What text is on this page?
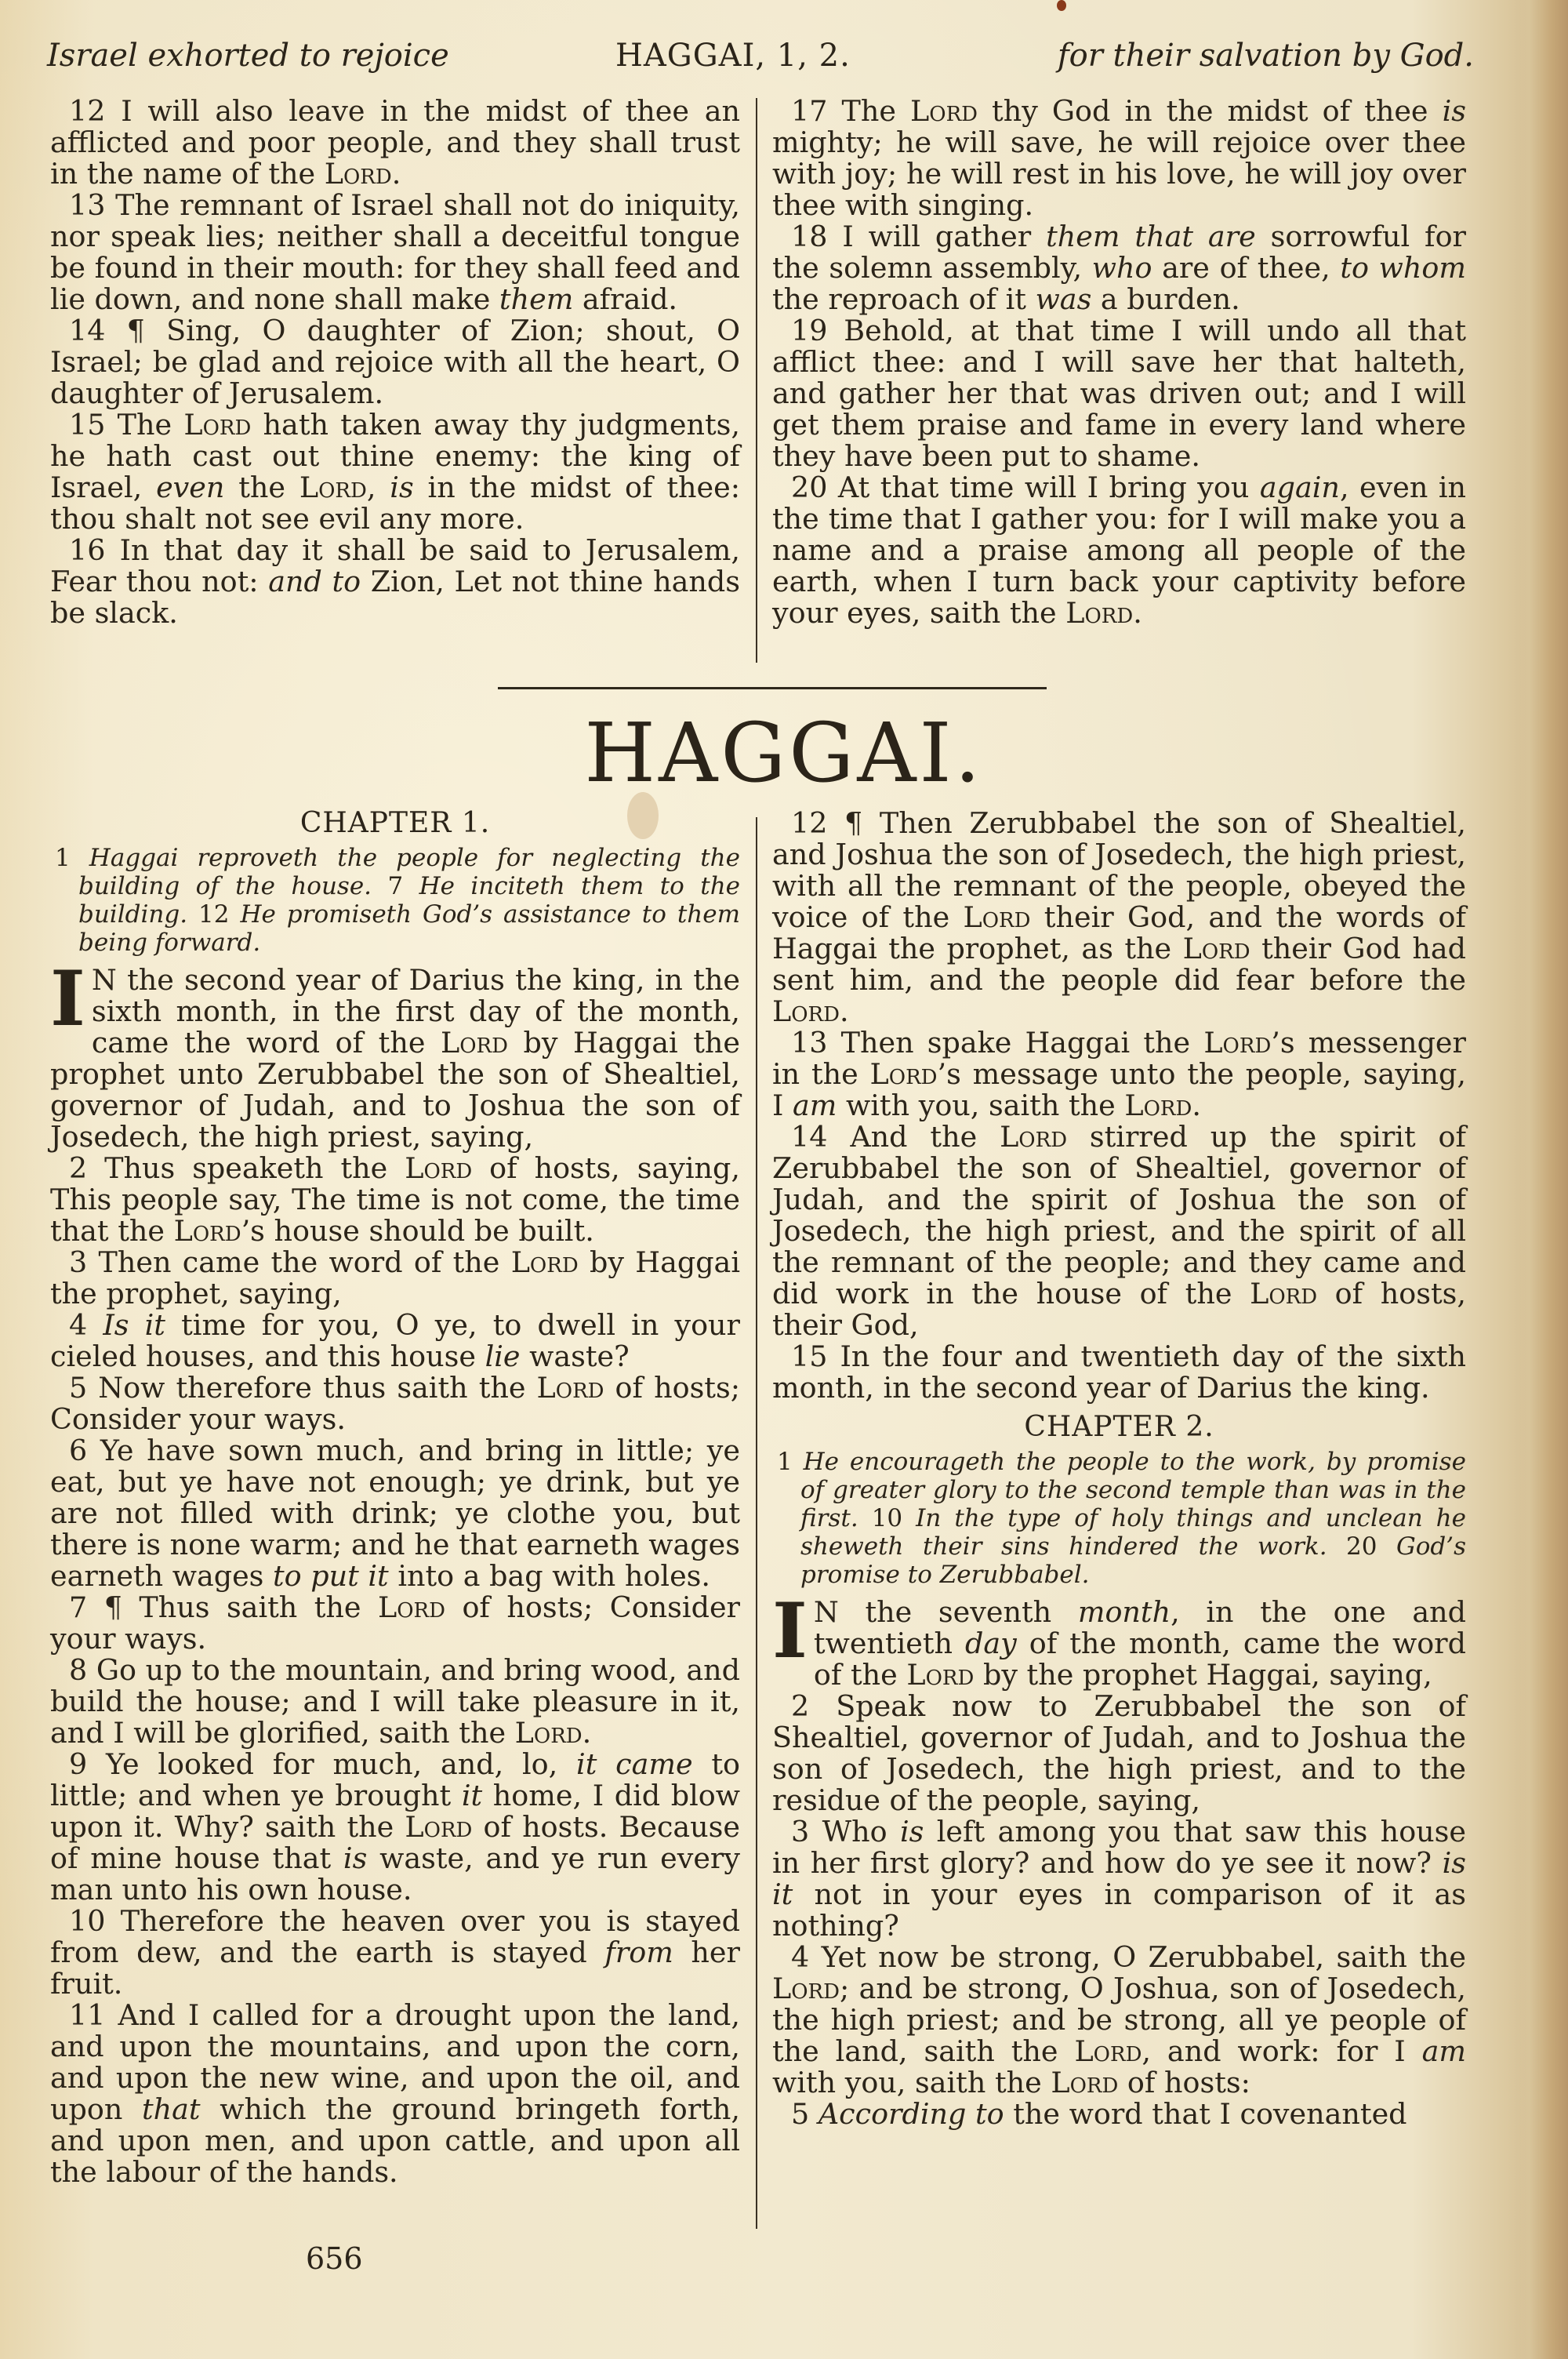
Israel exhorted to rejoice	HAGGAI, 1, 2.	for their salvation by God.

12 I will also leave in the midst of thee an afflicted and poor people, and they shall trust in the name of the Lord.

13 The remnant of Israel shall not do iniquity, nor speak lies; neither shall a deceitful tongue be found in their mouth: for they shall feed and lie down, and none shall make them afraid.

14 ¶ Sing, O daughter of Zion; shout, O Israel; be glad and rejoice with all the heart, O daughter of Jerusalem.

15 The Lord hath taken away thy judgments, he hath cast out thine enemy: the king of Israel, even the Lord, is in the midst of thee: thou shalt not see evil any more.

16 In that day it shall be said to Jerusalem, Fear thou not: and to Zion, Let not thine hands be slack.

17 The Lord thy God in the midst of thee is mighty; he will save, he will rejoice over thee with joy; he will rest in his love, he will joy over thee with singing.

18 I will gather them that are sorrowful for the solemn assembly, who are of thee, to whom the reproach of it was a burden.

19 Behold, at that time I will undo all that afflict thee: and I will save her that halteth, and gather her that was driven out; and I will get them praise and fame in every land where they have been put to shame.

20 At that time will I bring you again, even in the time that I gather you: for I will make you a name and a praise among all people of the earth, when I turn back your captivity before your eyes, saith the Lord.

HAGGAI.

CHAPTER 1.

1 Haggai reproveth the people for neglecting the building of the house. 7 He inciteth them to the building. 12 He promiseth God’s assistance to them being forward.

I N the second year of Darius the king, in the sixth month, in the first day of the month, came the word of the Lord by Haggai the prophet unto Zerubbabel the son of Shealtiel, governor of Judah, and to Joshua the son of Josedech, the high priest, saying,

2 Thus speaketh the Lord of hosts, saying, This people say, The time is not come, the time that the Lord’s house should be built.

3 Then came the word of the Lord by Haggai the prophet, saying,

4 Is it time for you, O ye, to dwell in your cieled houses, and this house lie waste?

5 Now therefore thus saith the Lord of hosts; Consider your ways.

6 Ye have sown much, and bring in little; ye eat, but ye have not enough; ye drink, but ye are not filled with drink; ye clothe you, but there is none warm; and he that earneth wages earneth wages to put it into a bag with holes.

7 ¶ Thus saith the Lord of hosts; Consider your ways.

8 Go up to the mountain, and bring wood, and build the house; and I will take pleasure in it, and I will be glorified, saith the Lord.

9 Ye looked for much, and, lo, it came to little; and when ye brought it home, I did blow upon it. Why? saith the Lord of hosts. Because of mine house that is waste, and ye run every man unto his own house.

10 Therefore the heaven over you is stayed from dew, and the earth is stayed from her fruit.

11 And I called for a drought upon the land, and upon the mountains, and upon the corn, and upon the new wine, and upon the oil, and upon that which the ground bringeth forth, and upon men, and upon cattle, and upon all the labour of the hands.

12 ¶ Then Zerubbabel the son of Shealtiel, and Joshua the son of Josedech, the high priest, with all the remnant of the people, obeyed the voice of the Lord their God, and the words of Haggai the prophet, as the Lord their God had sent him, and the people did fear before the Lord.

13 Then spake Haggai the Lord’s messenger in the Lord’s message unto the people, saying, I am with you, saith the Lord.

14 And the Lord stirred up the spirit of Zerubbabel the son of Shealtiel, governor of Judah, and the spirit of Joshua the son of Josedech, the high priest, and the spirit of all the remnant of the people; and they came and did work in the house of the Lord of hosts, their God,

15 In the four and twentieth day of the sixth month, in the second year of Darius the king.

CHAPTER 2.

1 He encourageth the people to the work, by promise of greater glory to the second temple than was in the first. 10 In the type of holy things and unclean he sheweth their sins hindered the work. 20 God’s promise to Zerubbabel.

I N the seventh month, in the one and twentieth day of the month, came the word of the Lord by the prophet Haggai, saying,

2 Speak now to Zerubbabel the son of Shealtiel, governor of Judah, and to Joshua the son of Josedech, the high priest, and to the residue of the people, saying,

3 Who is left among you that saw this house in her first glory? and how do ye see it now? is it not in your eyes in comparison of it as nothing?

4 Yet now be strong, O Zerubbabel, saith the Lord; and be strong, O Joshua, son of Josedech, the high priest; and be strong, all ye people of the land, saith the Lord, and work: for I am with you, saith the Lord of hosts:

5 According to the word that I covenanted

656
